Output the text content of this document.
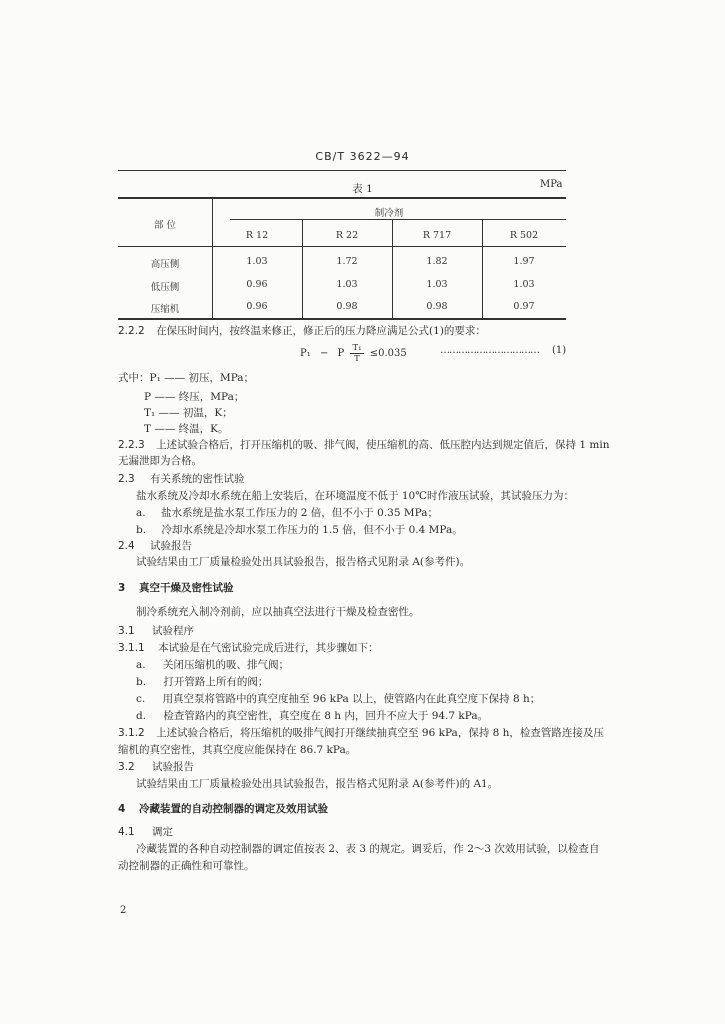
CB/T 3622—94
表 1	MPa
部 位
制冷剂
R 12	R 22	R 717	R 502
高压侧	1.03	1.72	1.82	1.97
低压侧	0.96	1.03	1.03	1.03
压缩机	0.96	0.98	0.98	0.97
2.2.2 在保压时间内，按终温来修正，修正后的压力降应满足公式(1)的要求：
P₁ − P $\frac{\text{T₁}}{T} \le 0.035$	…………………………… (1)
式中：P₁ —— 初压，MPa；
P —— 终压，MPa；
T₁ —— 初温，K；
T —— 终温，K。
2.2.3 上述试验合格后，打开压缩机的吸、排气阀，使压缩机的高、低压腔内达到规定值后，保持 1 min
无漏泄即为合格。
2.3 有关系统的密性试验
盐水系统及冷却水系统在船上安装后，在环境温度不低于 10℃时作液压试验，其试验压力为：
a. 盐水系统是盐水泵工作压力的 2 倍，但不小于 0.35 MPa；
b. 冷却水系统是冷却水泵工作压力的 1.5 倍，但不小于 0.4 MPa。
2.4 试验报告
试验结果由工厂质量检验处出具试验报告，报告格式见附录 A(参考件)。
3 真空干燥及密性试验
制冷系统充入制冷剂前，应以抽真空法进行干燥及检查密性。
3.1 试验程序
3.1.1 本试验是在气密试验完成后进行，其步骤如下：
a. 关闭压缩机的吸、排气阀；
b. 打开管路上所有的阀；
c. 用真空泵将管路中的真空度抽至 96 kPa 以上，使管路内在此真空度下保持 8 h；
d. 检查管路内的真空密性，真空度在 8 h 内，回升不应大于 94.7 kPa。
3.1.2 上述试验合格后，将压缩机的吸排气阀打开继续抽真空至 96 kPa，保持 8 h，检查管路连接及压
缩机的真空密性，其真空度应能保持在 86.7 kPa。
3.2 试验报告
试验结果由工厂质量检验处出具试验报告，报告格式见附录 A(参考件)的 A1。
4 冷藏装置的自动控制器的调定及效用试验
4.1 调定
冷藏装置的各种自动控制器的调定值按表 2、表 3 的规定。调妥后，作 2～3 次效用试验，以检查自
动控制器的正确性和可靠性。
2
